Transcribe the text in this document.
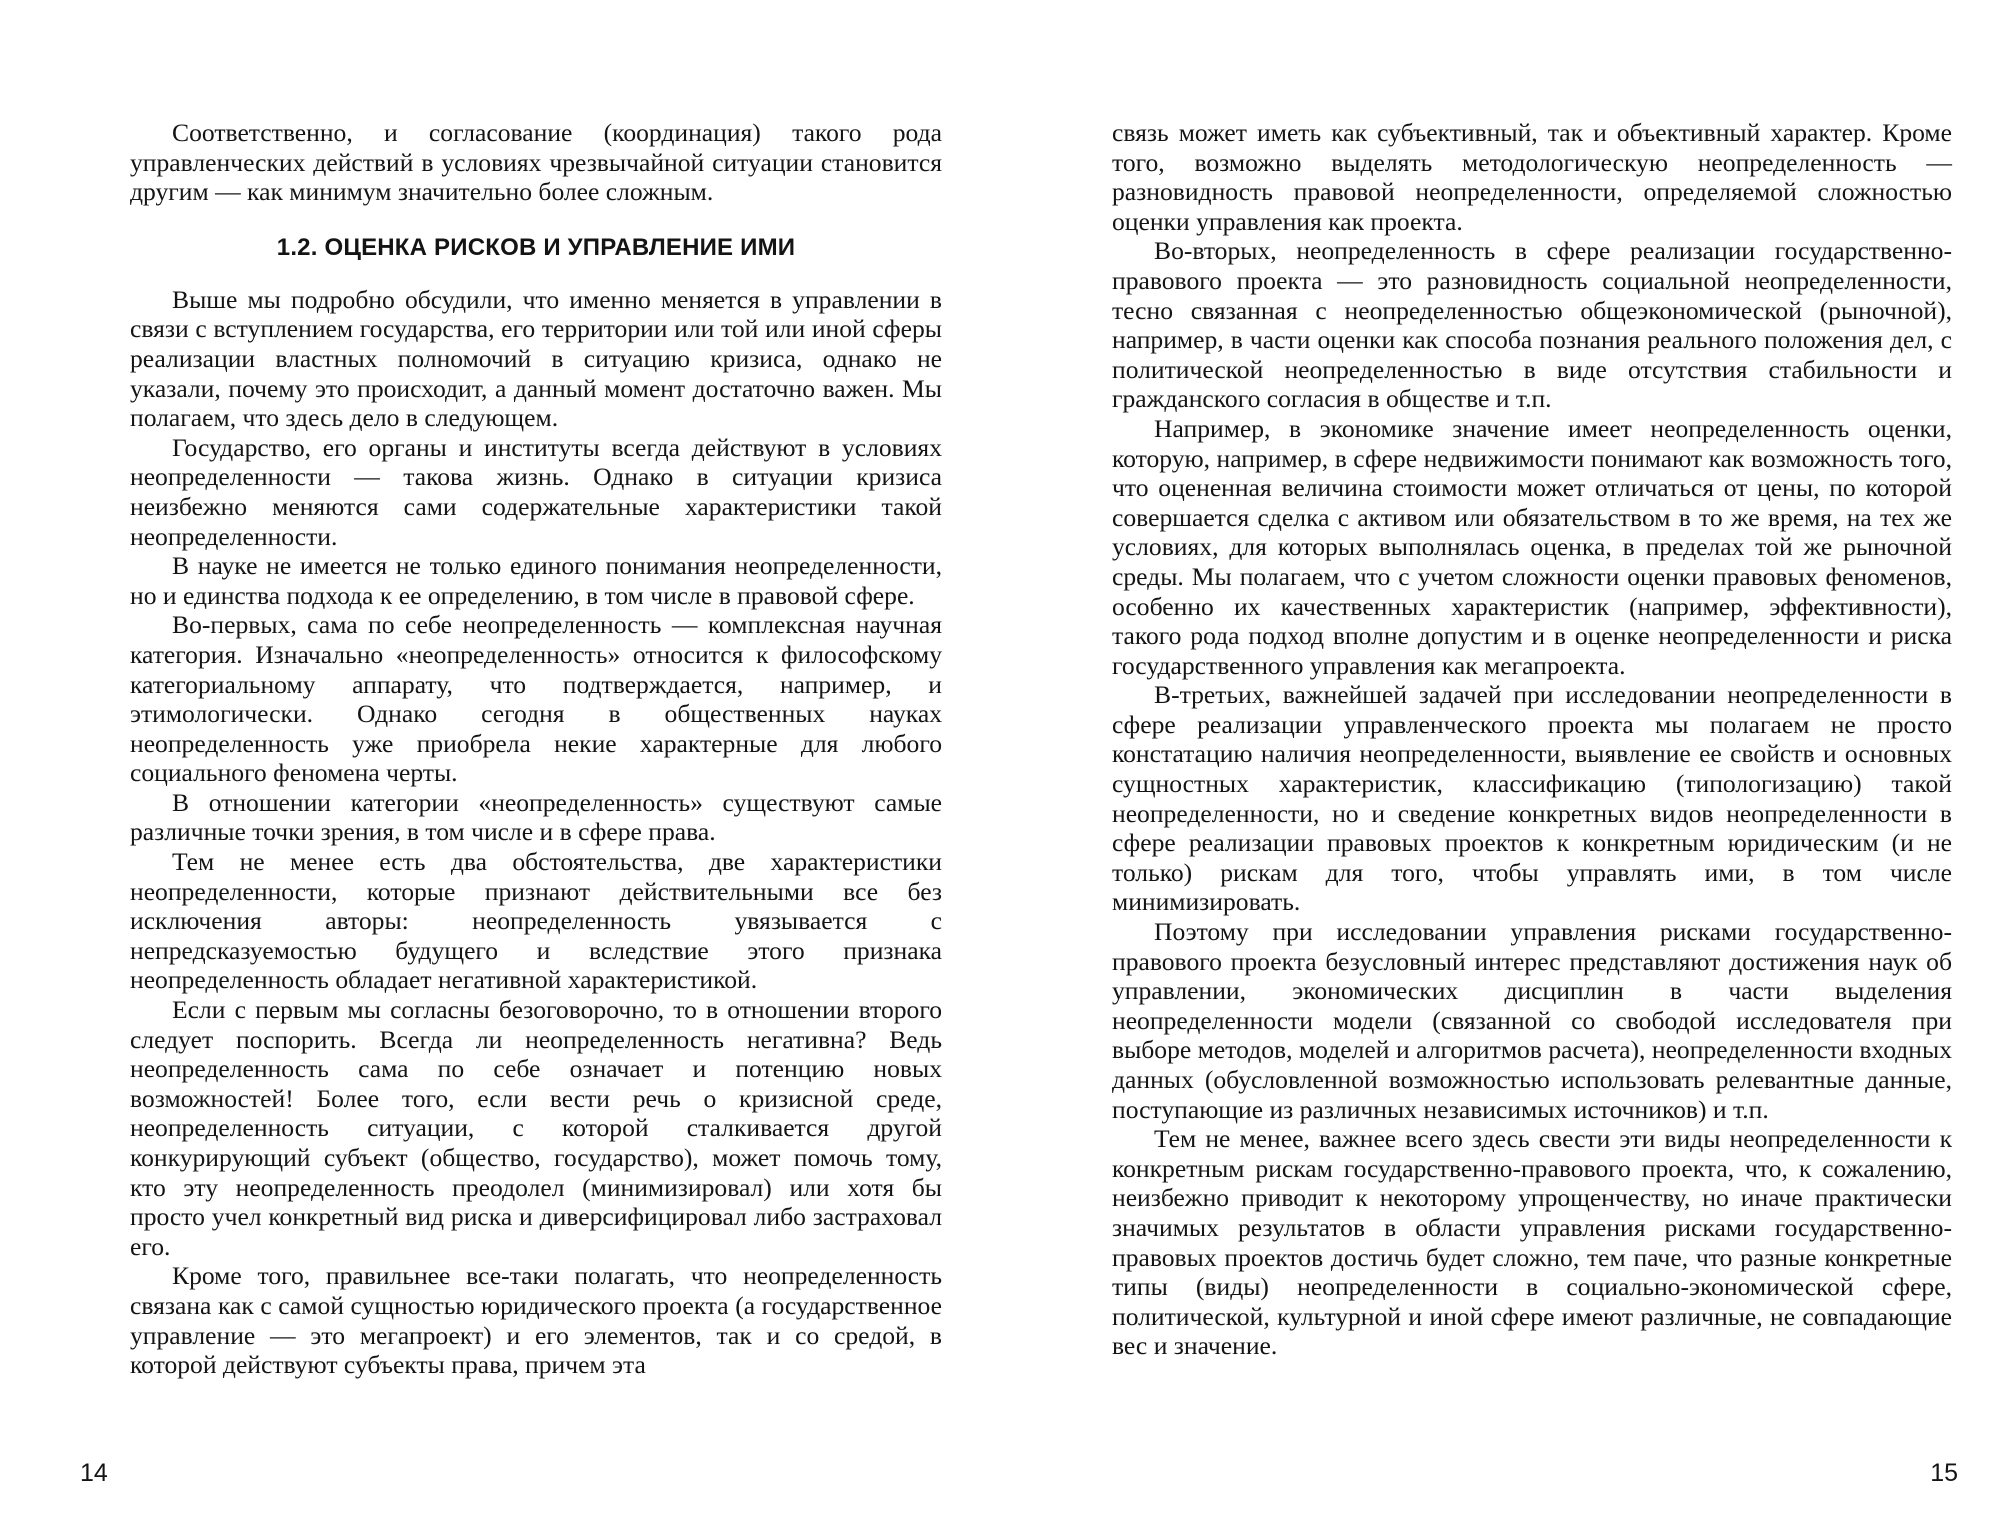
Соответственно, и согласование (координация) такого рода управленческих действий в условиях чрезвычайной ситуации становится другим — как минимум значительно более сложным.

1.2. ОЦЕНКА РИСКОВ И УПРАВЛЕНИЕ ИМИ

Выше мы подробно обсудили, что именно меняется в управлении в связи с вступлением государства, его территории или той или иной сферы реализации властных полномочий в ситуацию кризиса, однако не указали, почему это происходит, а данный момент достаточно важен. Мы полагаем, что здесь дело в следующем.

Государство, его органы и институты всегда действуют в условиях неопределенности — такова жизнь. Однако в ситуации кризиса неизбежно меняются сами содержательные характеристики такой неопределенности.

В науке не имеется не только единого понимания неопределенности, но и единства подхода к ее определению, в том числе в правовой сфере.

Во-первых, сама по себе неопределенность — комплексная научная категория. Изначально «неопределенность» относится к философскому категориальному аппарату, что подтверждается, например, и этимологически. Однако сегодня в общественных науках неопределенность уже приобрела некие характерные для любого социального феномена черты.

В отношении категории «неопределенность» существуют самые различные точки зрения, в том числе и в сфере права.

Тем не менее есть два обстоятельства, две характеристики неопределенности, которые признают действительными все без исключения авторы: неопределенность увязывается с непредсказуемостью будущего и вследствие этого признака неопределенность обладает негативной характеристикой.

Если с первым мы согласны безоговорочно, то в отношении второго следует поспорить. Всегда ли неопределенность негативна? Ведь неопределенность сама по себе означает и потенцию новых возможностей! Более того, если вести речь о кризисной среде, неопределенность ситуации, с которой сталкивается другой конкурирующий субъект (общество, государство), может помочь тому, кто эту неопределенность преодолел (минимизировал) или хотя бы просто учел конкретный вид риска и диверсифицировал либо застраховал его.

Кроме того, правильнее все-таки полагать, что неопределенность связана как с самой сущностью юридического проекта (а государственное управление — это мегапроект) и его элементов, так и со средой, в которой действуют субъекты права, причем эта

14

связь может иметь как субъективный, так и объективный характер. Кроме того, возможно выделять методологическую неопределенность — разновидность правовой неопределенности, определяемой сложностью оценки управления как проекта.

Во-вторых, неопределенность в сфере реализации государственно-правового проекта — это разновидность социальной неопределенности, тесно связанная с неопределенностью общеэкономической (рыночной), например, в части оценки как способа познания реального положения дел, с политической неопределенностью в виде отсутствия стабильности и гражданского согласия в обществе и т.п.

Например, в экономике значение имеет неопределенность оценки, которую, например, в сфере недвижимости понимают как возможность того, что оцененная величина стоимости может отличаться от цены, по которой совершается сделка с активом или обязательством в то же время, на тех же условиях, для которых выполнялась оценка, в пределах той же рыночной среды. Мы полагаем, что с учетом сложности оценки правовых феноменов, особенно их качественных характеристик (например, эффективности), такого рода подход вполне допустим и в оценке неопределенности и риска государственного управления как мегапроекта.

В-третьих, важнейшей задачей при исследовании неопределенности в сфере реализации управленческого проекта мы полагаем не просто констатацию наличия неопределенности, выявление ее свойств и основных сущностных характеристик, классификацию (типологизацию) такой неопределенности, но и сведение конкретных видов неопределенности в сфере реализации правовых проектов к конкретным юридическим (и не только) рискам для того, чтобы управлять ими, в том числе минимизировать.

Поэтому при исследовании управления рисками государственно-правового проекта безусловный интерес представляют достижения наук об управлении, экономических дисциплин в части выделения неопределенности модели (связанной со свободой исследователя при выборе методов, моделей и алгоритмов расчета), неопределенности входных данных (обусловленной возможностью использовать релевантные данные, поступающие из различных независимых источников) и т.п.

Тем не менее, важнее всего здесь свести эти виды неопределенности к конкретным рискам государственно-правового проекта, что, к сожалению, неизбежно приводит к некоторому упрощенчеству, но иначе практически значимых результатов в области управления рисками государственно-правовых проектов достичь будет сложно, тем паче, что разные конкретные типы (виды) неопределенности в социально-экономической сфере, политической, культурной и иной сфере имеют различные, не совпадающие вес и значение.

15
